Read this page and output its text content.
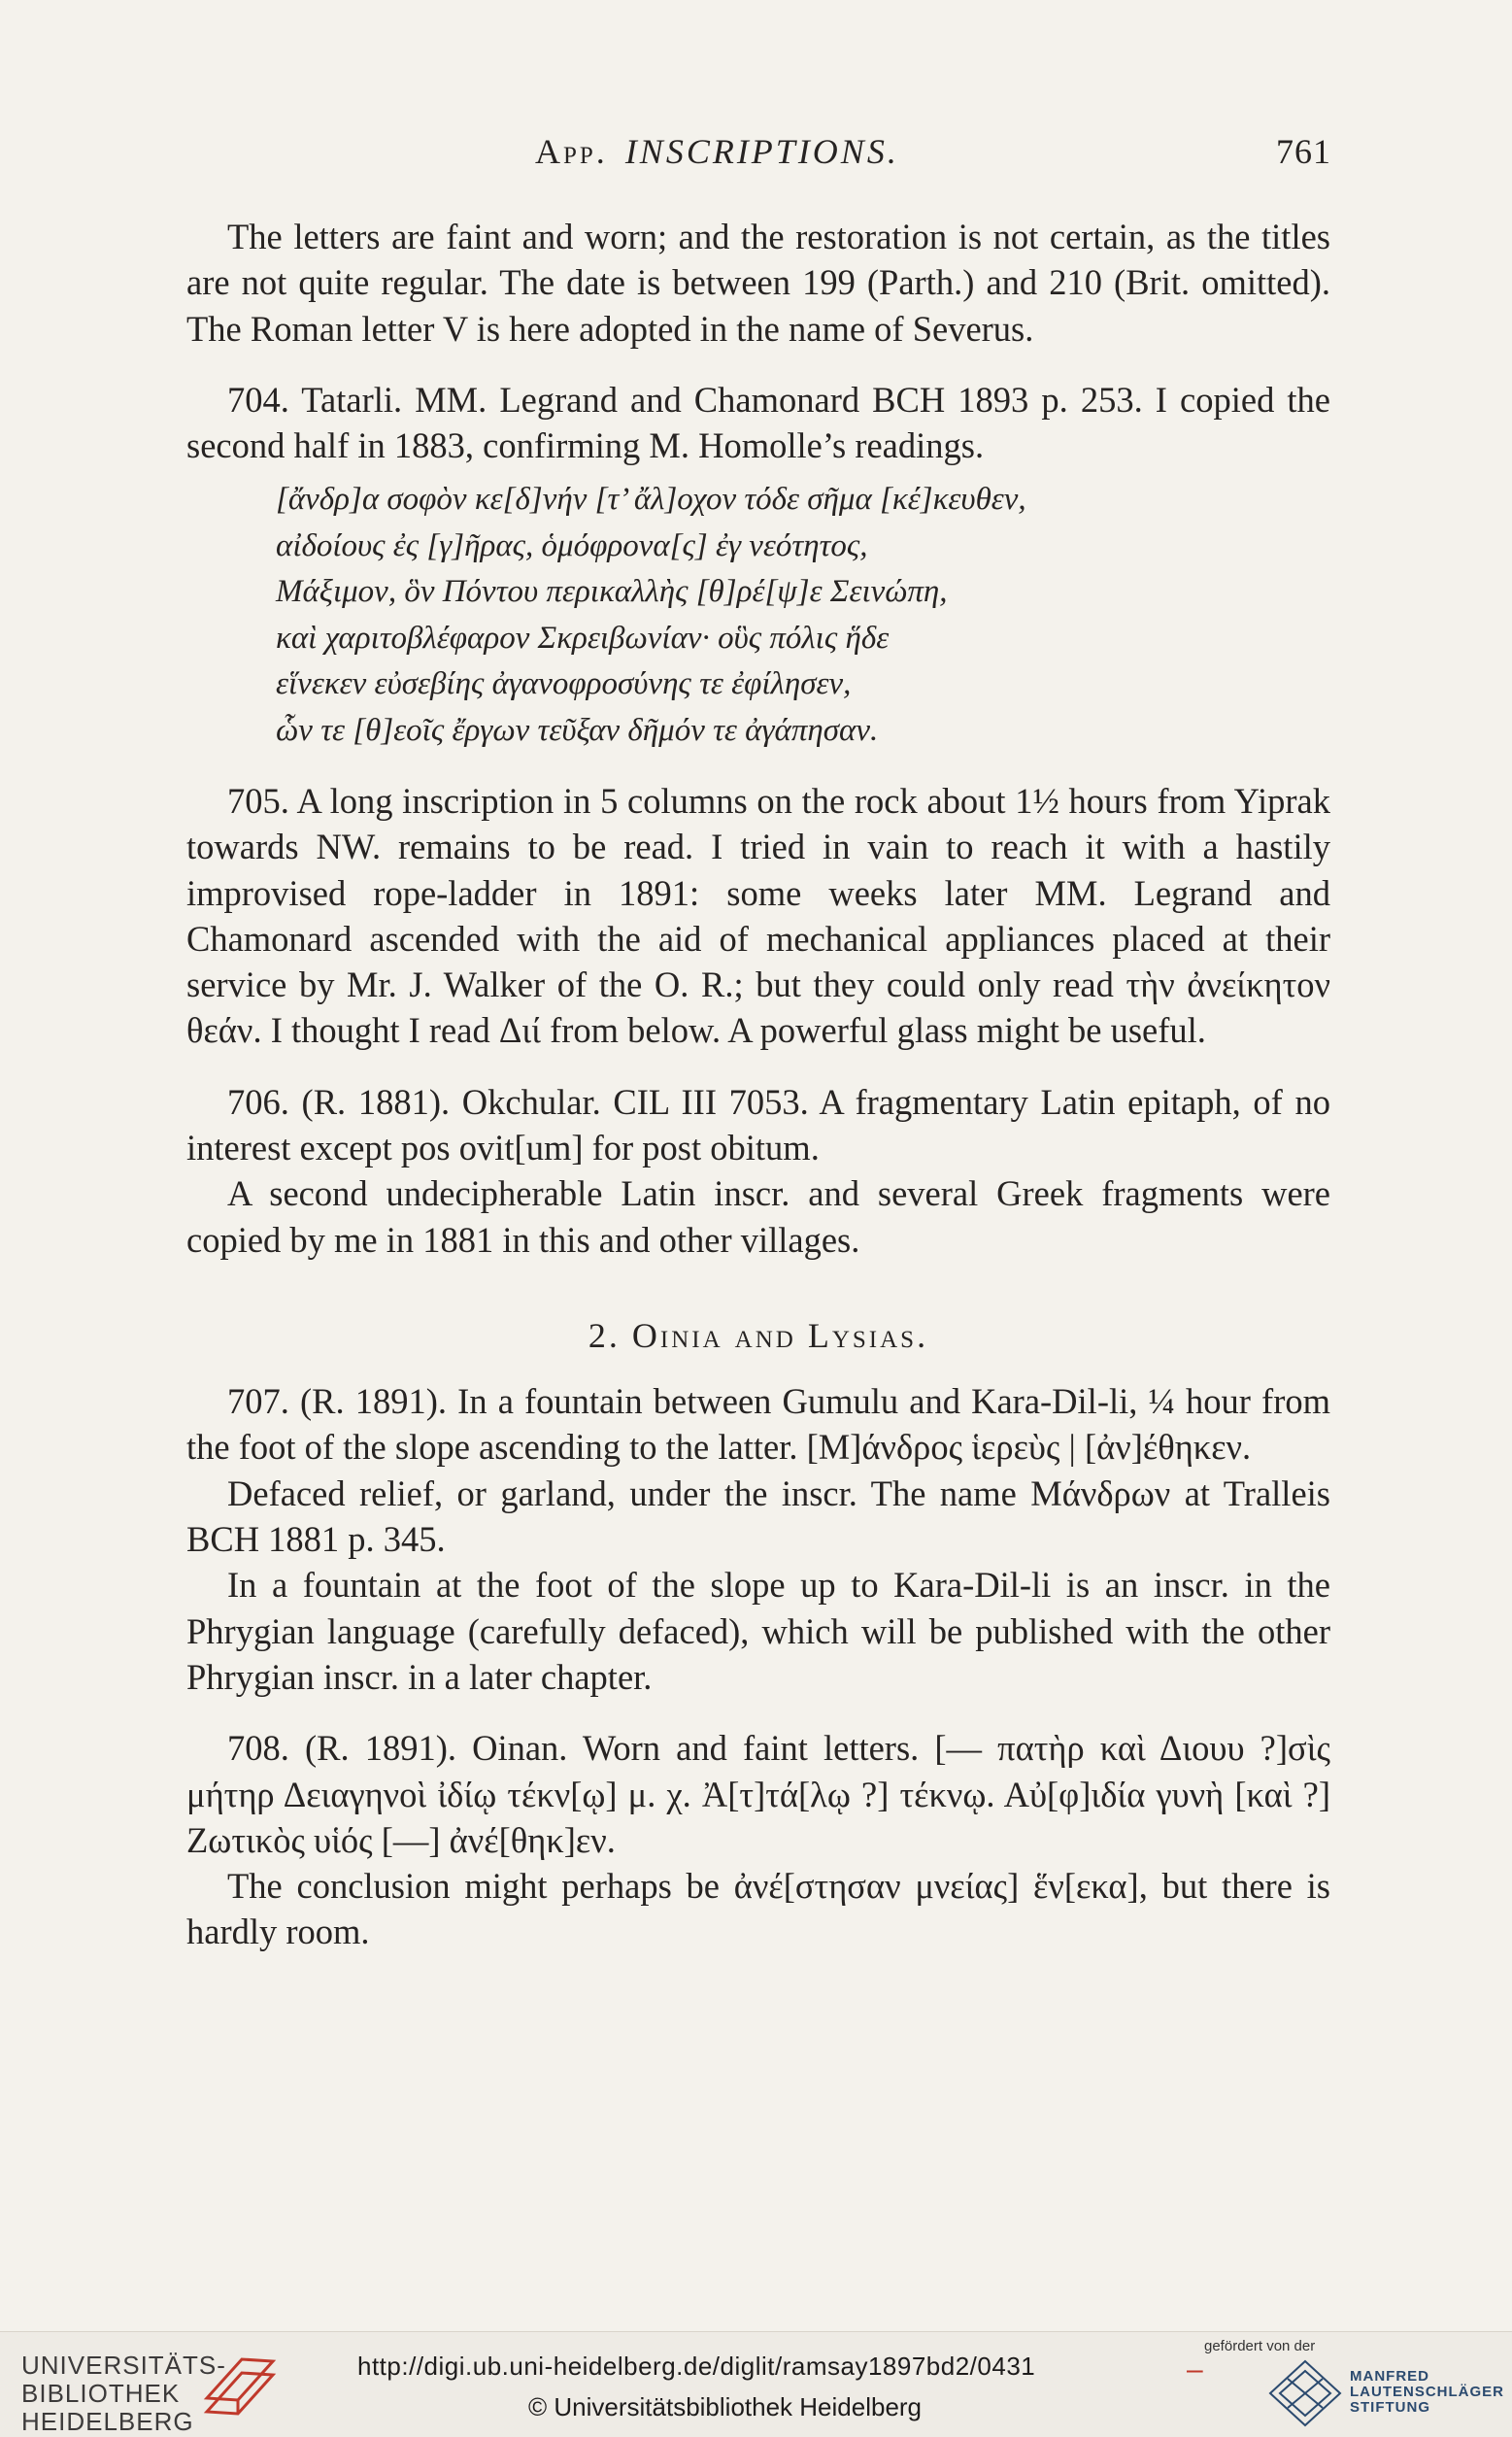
App. INSCRIPTIONS.	761

The letters are faint and worn; and the restoration is not certain, as the titles are not quite regular. The date is between 199 (Parth.) and 210 (Brit. omitted). The Roman letter V is here adopted in the name of Severus.

704. Tatarli. MM. Legrand and Chamonard BCH 1893 p. 253. I copied the second half in 1883, confirming M. Homolle’s readings.

[ἄνδρ]α σοφὸν κε[δ]νήν [τ’ ἄλ]οχον τόδε σῆμα [κέ]κευθεν,
αἰδοίους ἐς [γ]ῆρας, ὁμόφρονα[ς] ἐγ νεότητος,
Μάξιμον, ὃν Πόντου περικαλλὴς [θ]ρέ[ψ]ε Σεινώπη,
καὶ χαριτοβλέφαρον Σκρειβωνίαν· οὓς πόλις ἥδε
εἵνεκεν εὐσεβίης ἀγανοφροσύνης τε ἐφίλησεν,
ὧν τε [θ]εοῖς ἔργων τεῦξαν δῆμόν τε ἀγάπησαν.

705. A long inscription in 5 columns on the rock about 1½ hours from Yiprak towards NW. remains to be read. I tried in vain to reach it with a hastily improvised rope-ladder in 1891: some weeks later MM. Legrand and Chamonard ascended with the aid of mechanical appliances placed at their service by Mr. J. Walker of the O. R.; but they could only read τὴν ἀνείκητον θεάν. I thought I read Διί from below. A powerful glass might be useful.

706. (R. 1881). Okchular. CIL III 7053. A fragmentary Latin epitaph, of no interest except pos ovit[um] for post obitum.

A second undecipherable Latin inscr. and several Greek fragments were copied by me in 1881 in this and other villages.

2. Oinia and Lysias.

707. (R. 1891). In a fountain between Gumulu and Kara-Dil-li, ¼ hour from the foot of the slope ascending to the latter. [Μ]άνδρος ἱερεὺς | [ἀν]έθηκεν.

Defaced relief, or garland, under the inscr. The name Μάνδρων at Tralleis BCH 1881 p. 345.

In a fountain at the foot of the slope up to Kara-Dil-li is an inscr. in the Phrygian language (carefully defaced), which will be published with the other Phrygian inscr. in a later chapter.

708. (R. 1891). Oinan. Worn and faint letters. [— πατὴρ καὶ Διουυ ?]σὶς μήτηρ Δειαγηνοὶ ἰδίῳ τέκν[ῳ] μ. χ. Ἀ[τ]τά[λῳ ?] τέκνῳ. Αὐ[φ]ιδία γυνὴ [καὶ ?] Ζωτικὸς υἱός [—] ἀνέ[θηκ]εν.

The conclusion might perhaps be ἀνέ[στησαν μνείας] ἕν[εκα], but there is hardly room.

UNIVERSITÄTS-
BIBLIOTHEK
HEIDELBERG
http://digi.ub.uni-heidelberg.de/diglit/ramsay1897bd2/0431
© Universitätsbibliothek Heidelberg
–
gefördert von der
MANFRED
LAUTENSCHLÄGER
STIFTUNG
